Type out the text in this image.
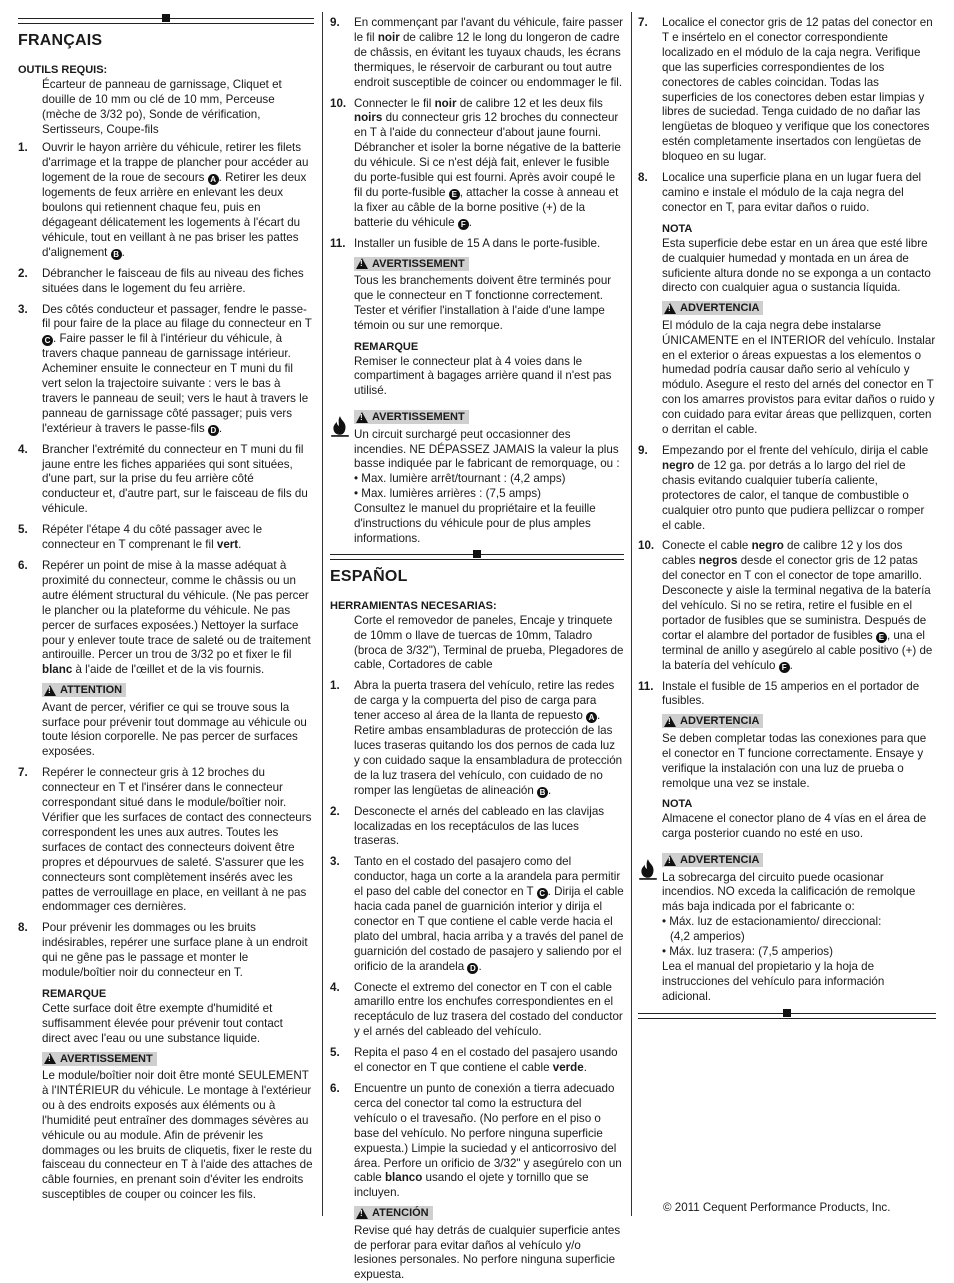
FRANÇAIS
OUTILS REQUIS:
Écarteur de panneau de garnissage, Cliquet et douille de 10 mm ou clé de 10 mm, Perceuse (mèche de 3/32 po), Sonde de vérification, Sertisseurs, Coupe-fils
1.	Ouvrir le hayon arrière du véhicule, retirer les filets d'arrimage et la trappe de plancher pour accéder au logement de la roue de secours A . Retirer les deux logements de feux arrière en enlevant les deux boulons qui retiennent chaque feu, puis en dégageant délicatement les logements à l'écart du véhicule, tout en veillant à ne pas briser les pattes d'alignement B .
2.	Débrancher le faisceau de fils au niveau des fiches situées dans le logement du feu arrière.
3.	Des côtés conducteur et passager, fendre le passe-fil pour faire de la place au filage du connecteur en T C . Faire passer le fil à l'intérieur du véhicule, à travers chaque panneau de garnissage intérieur. Acheminer ensuite le connecteur en T muni du fil vert selon la trajectoire suivante : vers le bas à travers le panneau de seuil; vers le haut à travers le panneau de garnissage côté passager; puis vers l'extérieur à travers le passe-fils D .
4.	Brancher l'extrémité du connecteur en T muni du fil jaune entre les fiches appariées qui sont situées, d'une part, sur la prise du feu arrière côté conducteur et, d'autre part, sur le faisceau de fils du véhicule.
5.	Répéter l'étape 4 du côté passager avec le connecteur en T comprenant le fil vert.
6.	Repérer un point de mise à la masse adéquat à proximité du connecteur, comme le châssis ou un autre élément structural du véhicule. (Ne pas percer le plancher ou la plateforme du véhicule. Ne pas percer de surfaces exposées.) Nettoyer la surface pour y enlever toute trace de saleté ou de traitement antirouille. Percer un trou de 3/32 po et fixer le fil blanc à l'aide de l'œillet et de la vis fournis.
!
ATTENTION
Avant de percer, vérifier ce qui se trouve sous la surface pour prévenir tout dommage au véhicule ou toute lésion corporelle. Ne pas percer de surfaces exposées.
7.	Repérer le connecteur gris à 12 broches du connecteur en T et l'insérer dans le connecteur correspondant situé dans le module/boîtier noir. Vérifier que les surfaces de contact des connecteurs correspondent les unes aux autres. Toutes les surfaces de contact des connecteurs doivent être propres et dépourvues de saleté. S'assurer que les connecteurs sont complètement insérés avec les pattes de verrouillage en place, en veillant à ne pas endommager ces dernières.
8.	Pour prévenir les dommages ou les bruits indésirables, repérer une surface plane à un endroit qui ne gêne pas le passage et monter le module/boîtier noir du connecteur en T.
REMARQUE
Cette surface doit être exempte d'humidité et suffisamment élevée pour prévenir tout contact direct avec l'eau ou une substance liquide.
!
AVERTISSEMENT
Le module/boîtier noir doit être monté SEULEMENT à l'INTÉRIEUR du véhicule. Le montage à l'extérieur ou à des endroits exposés aux éléments ou à l'humidité peut entraîner des dommages sévères au véhicule ou au module. Afin de prévenir les dommages ou les bruits de cliquetis, fixer le reste du faisceau du connecteur en T à l'aide des attaches de câble fournies, en prenant soin d'éviter les endroits susceptibles de couper ou coincer les fils.
9.	En commençant par l'avant du véhicule, faire passer le fil noir de calibre 12 le long du longeron de cadre de châssis, en évitant les tuyaux chauds, les écrans thermiques, le réservoir de carburant ou tout autre endroit susceptible de coincer ou endommager le fil.
10. Connecter le fil noir de calibre 12 et les deux fils noirs du connecteur gris 12 broches du connecteur en T à l'aide du connecteur d'about jaune fourni. Débrancher et isoler la borne négative de la batterie du véhicule. Si ce n'est déjà fait, enlever le fusible du porte-fusible qui est fourni. Après avoir coupé le fil du porte-fusible E , attacher la cosse à anneau et la fixer au câble de la borne positive (+) de la batterie du véhicule F .
11. Installer un fusible de 15 A dans le porte-fusible.
!
AVERTISSEMENT
Tous les branchements doivent être terminés pour que le connecteur en T fonctionne correctement. Tester et vérifier l'installation à l'aide d'une lampe témoin ou sur une remorque.
REMARQUE
Remiser le connecteur plat à 4 voies dans le compartiment à bagages arrière quand il n'est pas utilisé.
!
AVERTISSEMENT
Un circuit surchargé peut occasionner des incendies. NE DÉPASSEZ JAMAIS la valeur la plus basse indiquée par le fabricant de remorquage, ou :
• Max. lumière arrêt/tournant : (4,2 amps)
• Max. lumières arrières : (7,5 amps)
Consultez le manuel du propriétaire et la feuille d'instructions du véhicule pour de plus amples informations.
ESPAÑOL
HERRAMIENTAS NECESARIAS:
Corte el removedor de paneles, Encaje y trinquete de 10mm o llave de tuercas de 10mm, Taladro (broca de 3/32"), Terminal de prueba, Plegadores de cable, Cortadores de cable
1.	Abra la puerta trasera del vehículo, retire las redes de carga y la compuerta del piso de carga para tener acceso al área de la llanta de repuesto A . Retire ambas ensambladuras de protección de las luces traseras quitando los dos pernos de cada luz y con cuidado saque la ensambladura de protección de la luz trasera del vehículo, con cuidado de no romper las lengüetas de alineación B .
2.	Desconecte el arnés del cableado en las clavijas localizadas en los receptáculos de las luces traseras.
3.	Tanto en el costado del pasajero como del conductor, haga un corte a la arandela para permitir el paso del cable del conector en T C . Dirija el cable hacia cada panel de guarnición interior y dirija el conector en T que contiene el cable verde hacia el plato del umbral, hacia arriba y a través del panel de guarnición del costado de pasajero y saliendo por el orificio de la arandela D .
4.	Conecte el extremo del conector en T con el cable amarillo entre los enchufes correspondientes en el receptáculo de luz trasera del costado del conductor y el arnés del cableado del vehículo.
5.	Repita el paso 4 en el costado del pasajero usando el conector en T que contiene el cable verde.
6.	Encuentre un punto de conexión a tierra adecuado cerca del conector tal como la estructura del vehículo o el travesaño. (No perfore en el piso o base del vehículo. No perfore ninguna superficie expuesta.) Limpie la suciedad y el anticorrosivo del área. Perfore un orificio de 3/32" y asegúrelo con un cable blanco usando el ojete y tornillo que se incluyen.
!
ATENCIÓN
Revise qué hay detrás de cualquier superficie antes de perforar para evitar daños al vehículo y/o lesiones personales. No perfore ninguna superficie expuesta.
7.	Localice el conector gris de 12 patas del conector en T e insértelo en el conector correspondiente localizado en el módulo de la caja negra. Verifique que las superficies correspondientes de los conectores de cables coincidan. Todas las superficies de los conectores deben estar limpias y libres de suciedad. Tenga cuidado de no dañar las lengüetas de bloqueo y verifique que los conectores estén completamente insertados con lengüetas de bloqueo en su lugar.
8.	Localice una superficie plana en un lugar fuera del camino e instale el módulo de la caja negra del conector en T, para evitar daños o ruido.
NOTA
Esta superficie debe estar en un área que esté libre de cualquier humedad y montada en un área de suficiente altura donde no se exponga a un contacto directo con cualquier agua o sustancia líquida.
!
ADVERTENCIA
El módulo de la caja negra debe instalarse ÚNICAMENTE en el INTERIOR del vehículo. Instalar en el exterior o áreas expuestas a los elementos o humedad podría causar daño serio al vehículo y módulo. Asegure el resto del arnés del conector en T con los amarres provistos para evitar daños o ruido y con cuidado para evitar áreas que pellizquen, corten o derritan el cable.
9.	Empezando por el frente del vehículo, dirija el cable negro de 12 ga. por detrás a lo largo del riel de chasis evitando cualquier tubería caliente, protectores de calor, el tanque de combustible o cualquier otro punto que pudiera pellizcar o romper el cable.
10. Conecte el cable negro de calibre 12 y los dos cables negros desde el conector gris de 12 patas del conector en T con el conector de tope amarillo. Desconecte y aisle la terminal negativa de la batería del vehículo. Si no se retira, retire el fusible en el portador de fusibles que se suministra. Después de cortar el alambre del portador de fusibles E , una el terminal de anillo y asegúrelo al cable positivo (+) de la batería del vehículo F .
11. Instale el fusible de 15 amperios en el portador de fusibles.
!
ADVERTENCIA
Se deben completar todas las conexiones para que el conector en T funcione correctamente. Ensaye y verifique la instalación con una luz de prueba o remolque una vez se instale.
NOTA
Almacene el conector plano de 4 vías en el área de carga posterior cuando no esté en uso.
!
ADVERTENCIA
La sobrecarga del circuito puede ocasionar incendios. NO exceda la calificación de remolque más baja indicada por el fabricante o:
• Máx. luz de estacionamiento/ direccional:
(4,2 amperios)
• Máx. luz trasera: (7,5 amperios)
Lea el manual del propietario y la hoja de instrucciones del vehículo para información adicional.
© 2011 Cequent Performance Products, Inc.
